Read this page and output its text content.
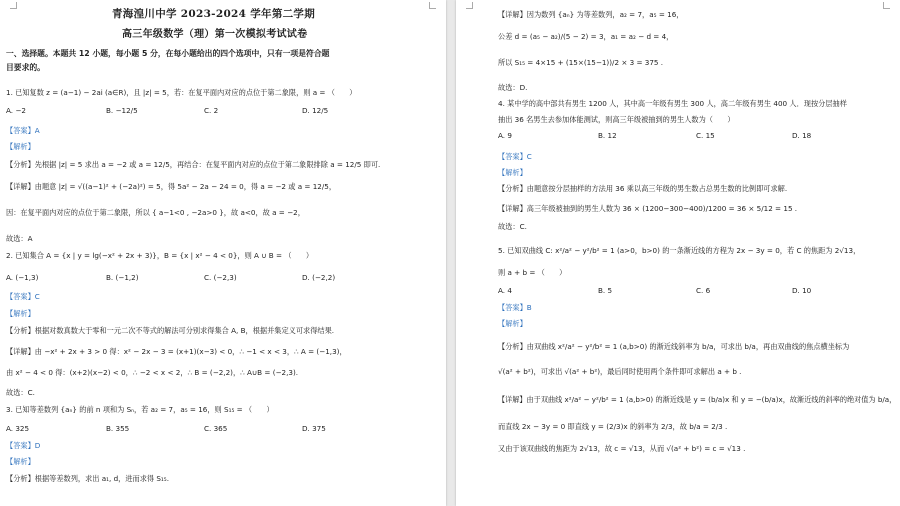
青海湟川中学 2023-2024 学年第二学期
高三年级数学（理）第一次模拟考试试卷
一、选择题。本题共 12 小题，每小题 5 分，在每小题给出的四个选项中，只有一项是符合题
目要求的。
1. 已知复数 z = (a−1) − 2ai (a∈R)，且 |z| = 5，若：在复平面内对应的点位于第二象限，则 a = （　　）
A. −2	B. −12/5	C. 2	D. 12/5
【答案】A
【解析】
【分析】先根据 |z| = 5 求出 a = −2 或 a = 12/5，再结合：在复平面内对应的点位于第二象限排除 a = 12/5 即可.
【详解】由题意 |z| = √((a−1)² + (−2a)²) = 5，得 5a² − 2a − 24 = 0，得 a = −2 或 a = 12/5，
因：在复平面内对应的点位于第二象限，所以 { a−1<0 , −2a>0 }，故 a<0，故 a = −2，
故选：A
2. 已知集合 A = {x | y = lg(−x² + 2x + 3)}，B = {x | x² − 4 < 0}，则 A ∪ B = （　　）
A. (−1,3)	B. (−1,2)	C. (−2,3)	D. (−2,2)
【答案】C
【解析】
【分析】根据对数真数大于零和一元二次不等式的解法可分别求得集合 A, B，根据并集定义可求得结果.
【详解】由 −x² + 2x + 3 > 0 得：x² − 2x − 3 = (x+1)(x−3) < 0，∴ −1 < x < 3，∴ A = (−1,3)，
由 x² − 4 < 0 得：(x+2)(x−2) < 0，∴ −2 < x < 2，∴ B = (−2,2)，∴ A∪B = (−2,3).
故选：C.
3. 已知等差数列 {aₙ} 的前 n 项和为 Sₙ，若 a₂ = 7，a₅ = 16，则 S₁₅ = （　　）
A. 325	B. 355	C. 365	D. 375
【答案】D
【解析】
【分析】根据等差数列，求出 a₁, d，进而求得 S₁₅.
【详解】因为数列 {aₙ} 为等差数列，a₂ = 7，a₅ = 16，
公差 d = (a₅ − a₂)/(5 − 2) = 3，a₁ = a₂ − d = 4，
所以 S₁₅ = 4×15 + (15×(15−1))/2 × 3 = 375 .
故选：D.
4. 某中学的高中部共有男生 1200 人，其中高一年级有男生 300 人，高二年级有男生 400 人．现按分层抽样
抽出 36 名男生去参加体能测试，则高三年级被抽到的男生人数为（　　）
A. 9	B. 12	C. 15	D. 18
【答案】C
【解析】
【分析】由题意按分层抽样的方法用 36 乘以高三年级的男生数占总男生数的比例即可求解.
【详解】高三年级被抽到的男生人数为 36 × (1200−300−400)/1200 = 36 × 5/12 = 15 .
故选：C.
5. 已知双曲线 C: x²/a² − y²/b² = 1 (a>0，b>0) 的一条渐近线的方程为 2x − 3y = 0，若 C 的焦距为 2√13，
则 a + b = （　　）
A. 4	B. 5	C. 6	D. 10
【答案】B
【解析】
【分析】由双曲线 x²/a² − y²/b² = 1 (a,b>0) 的渐近线斜率为 b/a，可求出 b/a，再由双曲线的焦点横坐标为
√(a² + b²)，可求出 √(a² + b²)，最后同时使用两个条件即可求解出 a + b .
【详解】由于双曲线 x²/a² − y²/b² = 1 (a,b>0) 的渐近线是 y = (b/a)x 和 y = −(b/a)x，故渐近线的斜率的绝对值为 b/a，
而直线 2x − 3y = 0 即直线 y = (2/3)x 的斜率为 2/3，故 b/a = 2/3 .
又由于该双曲线的焦距为 2√13，故 c = √13，从而 √(a² + b²) = c = √13 .
